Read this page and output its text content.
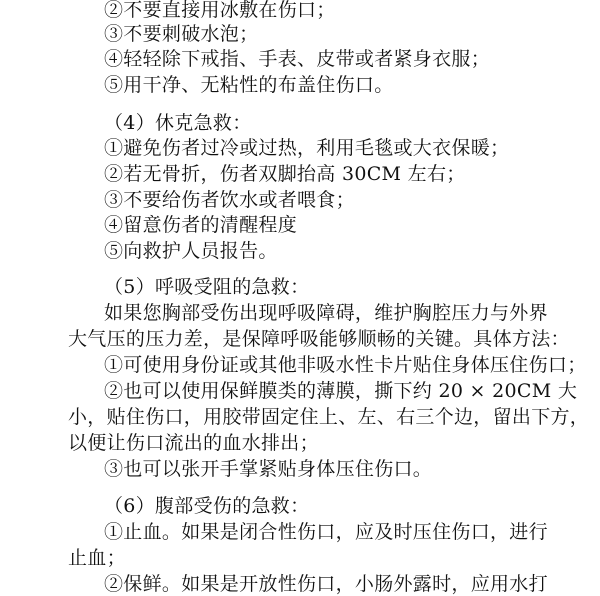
②不要直接用冰敷在伤口；
③不要刺破水泡；
④轻轻除下戒指、手表、皮带或者紧身衣服；
⑤用干净、无粘性的布盖住伤口。
（4）休克急救：
①避免伤者过冷或过热，利用毛毯或大衣保暖；
②若无骨折，伤者双脚抬高 30CM 左右；
③不要给伤者饮水或者喂食；
④留意伤者的清醒程度
⑤向救护人员报告。
（5）呼吸受阻的急救：
如果您胸部受伤出现呼吸障碍，维护胸腔压力与外界
大气压的压力差，是保障呼吸能够顺畅的关键。具体方法：
①可使用身份证或其他非吸水性卡片贴住身体压住伤口；
②也可以使用保鲜膜类的薄膜，撕下约 20 × 20CM 大
小，贴住伤口，用胶带固定住上、左、右三个边，留出下方，
以便让伤口流出的血水排出；
③也可以张开手掌紧贴身体压住伤口。
（6）腹部受伤的急救：
①止血。如果是闭合性伤口，应及时压住伤口，进行
止血；
②保鲜。如果是开放性伤口，小肠外露时，应用水打
